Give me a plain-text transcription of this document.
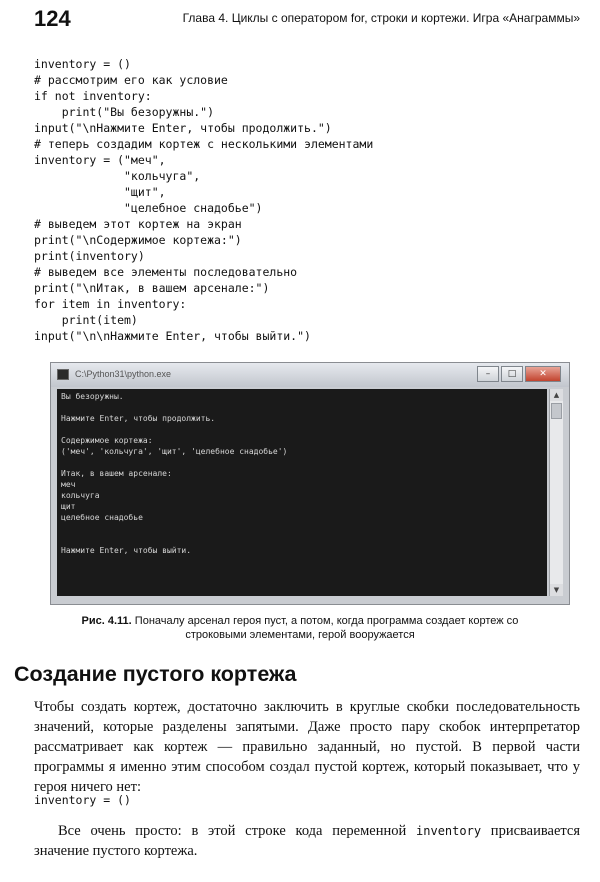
124	Глава 4. Циклы с оператором for, строки и кортежи. Игра «Анаграммы»
inventory = ()
# рассмотрим его как условие
if not inventory:
print("Вы безоружны.")
input("\nНажмите Enter, чтобы продолжить.")
# теперь создадим кортеж с несколькими элементами
inventory = ("меч",
"кольчуга",
"щит",
"целебное снадобье")
# выведем этот кортеж на экран
print("\nСодержимое кортежа:")
print(inventory)
# выведем все элементы последовательно
print("\nИтак, в вашем арсенале:")
for item in inventory:
print(item)
input("\n\nНажмите Enter, чтобы выйти.")
C:\Python31\python.exe	–	□	✕
Вы безоружны.
Нажмите Enter, чтобы продолжить.
Содержимое кортежа:
('меч', 'кольчуга', 'щит', 'целебное снадобье')
Итак, в вашем арсенале:
меч
кольчуга
щит
целебное снадобье
Нажмите Enter, чтобы выйти.
▲
▼
Рис. 4.11. Поначалу арсенал героя пуст, а потом, когда программа создает кортеж со строковыми элементами, герой вооружается
Создание пустого кортежа

Чтобы создать кортеж, достаточно заключить в круглые скобки последовательность значений, которые разделены запятыми. Даже просто пару скобок интерпретатор рассматривает как кортеж — правильно заданный, но пустой. В первой части программы я именно этим способом создал пустой кортеж, который показывает, что у героя ничего нет:

inventory = ()

Все очень просто: в этой строке кода переменной inventory присваивается значение пустого кортежа.
